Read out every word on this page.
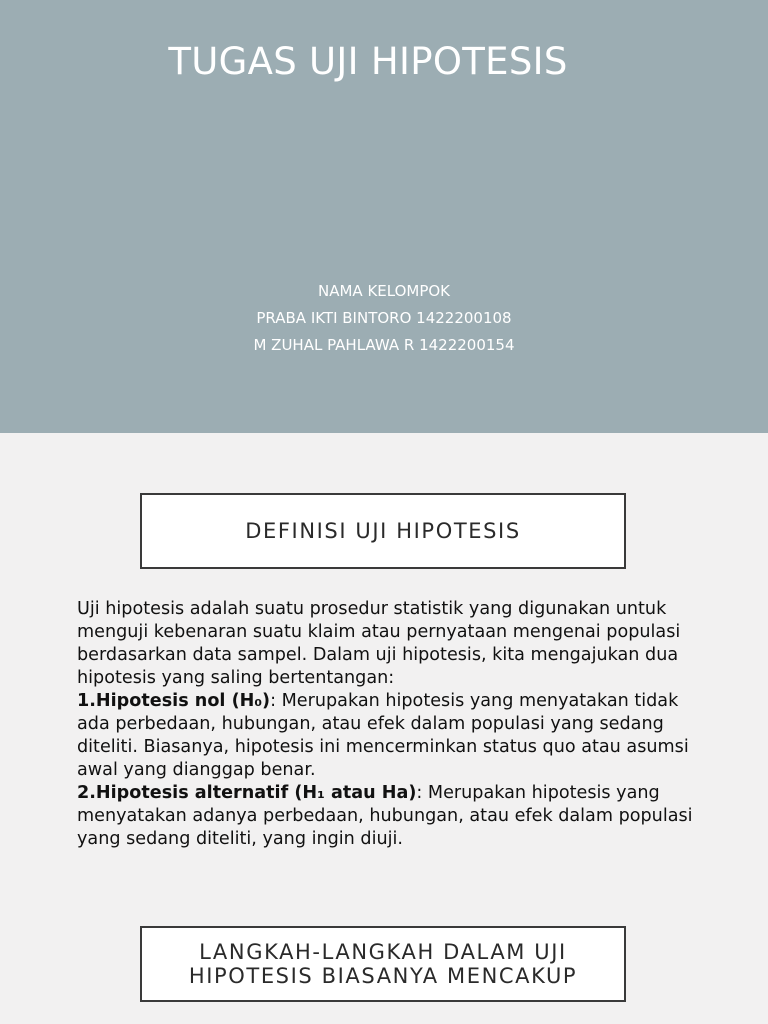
TUGAS UJI HIPOTESIS
NAMA KELOMPOK
PRABA IKTI BINTORO 1422200108
M ZUHAL PAHLAWA R 1422200154
DEFINISI UJI HIPOTESIS

Uji hipotesis adalah suatu prosedur statistik yang digunakan untuk menguji kebenaran suatu klaim atau pernyataan mengenai populasi berdasarkan data sampel. Dalam uji hipotesis, kita mengajukan dua hipotesis yang saling bertentangan:

1.Hipotesis nol (H₀): Merupakan hipotesis yang menyatakan tidak ada perbedaan, hubungan, atau efek dalam populasi yang sedang diteliti. Biasanya, hipotesis ini mencerminkan status quo atau asumsi awal yang dianggap benar.

2.Hipotesis alternatif (H₁ atau Ha): Merupakan hipotesis yang menyatakan adanya perbedaan, hubungan, atau efek dalam populasi yang sedang diteliti, yang ingin diuji.

LANGKAH-LANGKAH DALAM UJI
HIPOTESIS BIASANYA MENCAKUP
